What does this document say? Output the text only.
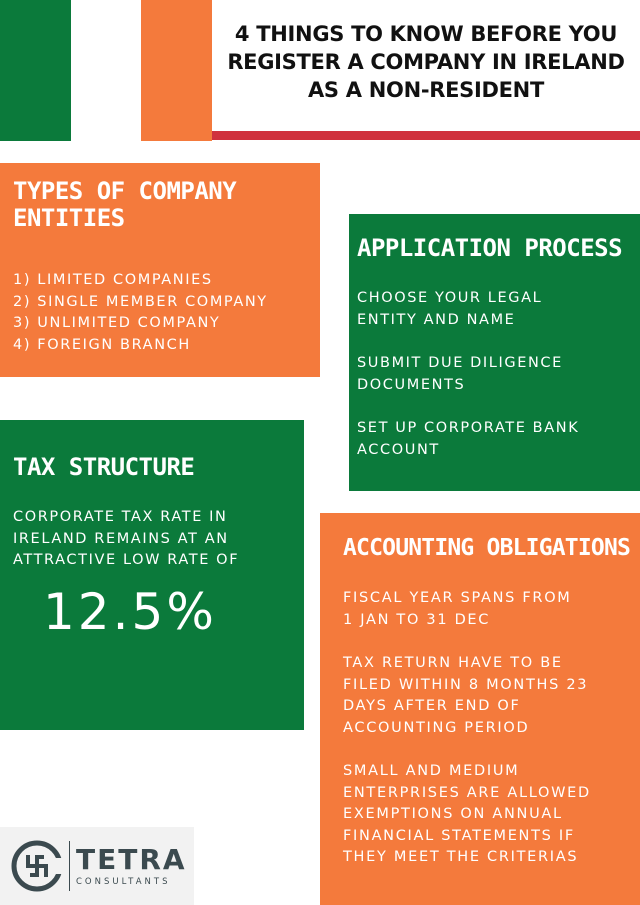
4 THINGS TO KNOW BEFORE YOU
REGISTER A COMPANY IN IRELAND
AS A NON-RESIDENT
TYPES OF COMPANY
ENTITIES
1) LIMITED COMPANIES
2) SINGLE MEMBER COMPANY
3) UNLIMITED COMPANY
4) FOREIGN BRANCH
APPLICATION PROCESS
CHOOSE YOUR LEGAL
ENTITY AND NAME
SUBMIT DUE DILIGENCE
DOCUMENTS
SET UP CORPORATE BANK
ACCOUNT
TAX STRUCTURE
CORPORATE TAX RATE IN
IRELAND REMAINS AT AN
ATTRACTIVE LOW RATE OF
12.5%
ACCOUNTING OBLIGATIONS
FISCAL YEAR SPANS FROM
1 JAN TO 31 DEC
TAX RETURN HAVE TO BE
FILED WITHIN 8 MONTHS 23
DAYS AFTER END OF
ACCOUNTING PERIOD
SMALL AND MEDIUM
ENTERPRISES ARE ALLOWED
EXEMPTIONS ON ANNUAL
FINANCIAL STATEMENTS IF
THEY MEET THE CRITERIAS
TETRA
CONSULTANTS
